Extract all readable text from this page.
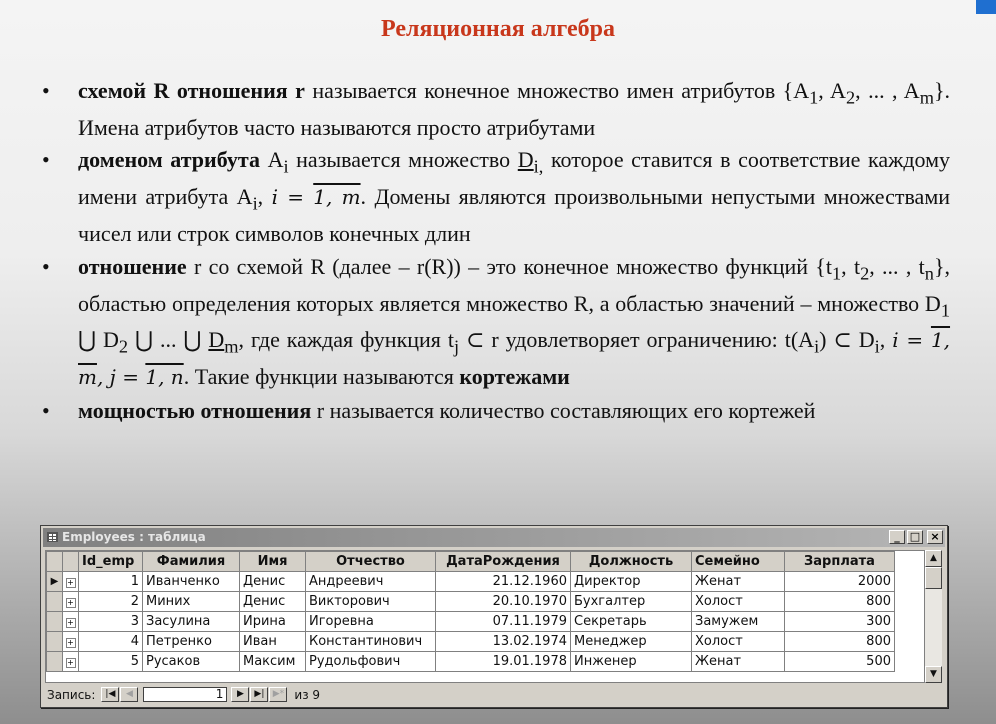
Реляционная алгебра
• схемой R отношения r называется конечное множество имен атрибутов {$A_1$, $A_2$, ... , $A_m$}. Имена атрибутов часто называются просто атрибутами
• доменом атрибута $A_i$ называется множество $D_{i,}$ которое ставится в соответствие каждому имени атрибута $A_i$, i = 1, m. Домены являются произвольными непустыми множествами чисел или строк символов конечных длин
• отношение r со схемой R (далее – r(R)) – это конечное множество функций {$t_1$, $t_2$, ... , $t_n$}, областью определения которых является множество R, а областью значений – множество $D_1$ ⋃ $D_2$ ⋃ ... ⋃ $D_m$, где каждая функция $t_j$ ⊂ r удовлетворяет ограничению: $t(A_i)$ ⊂ $D_i$, i = 1, m, j = 1, n. Такие функции называются кортежами
• мощностью отношения r называется количество составляющих его кортежей
Employees : таблица	_ □ ×
		Id_emp	Фамилия	Имя	Отчество	ДатаРождения	Должность	Семейно	Зарплата
▶	+	1	Иванченко	Денис	Андреевич	21.12.1960	Директор	Женат	2000
	+	2	Миних	Денис	Викторович	20.10.1970	Бухгалтер	Холост	800
	+	3	Засулина	Ирина	Игоревна	07.11.1979	Секретарь	Замужем	300
	+	4	Петренко	Иван	Константинович	13.02.1974	Менеджер	Холост	800
	+	5	Русаков	Максим	Рудольфович	19.01.1978	Инженер	Женат	500
▲
▼
Запись:	|◀	◀	1	▶	▶| ▶* из 9
